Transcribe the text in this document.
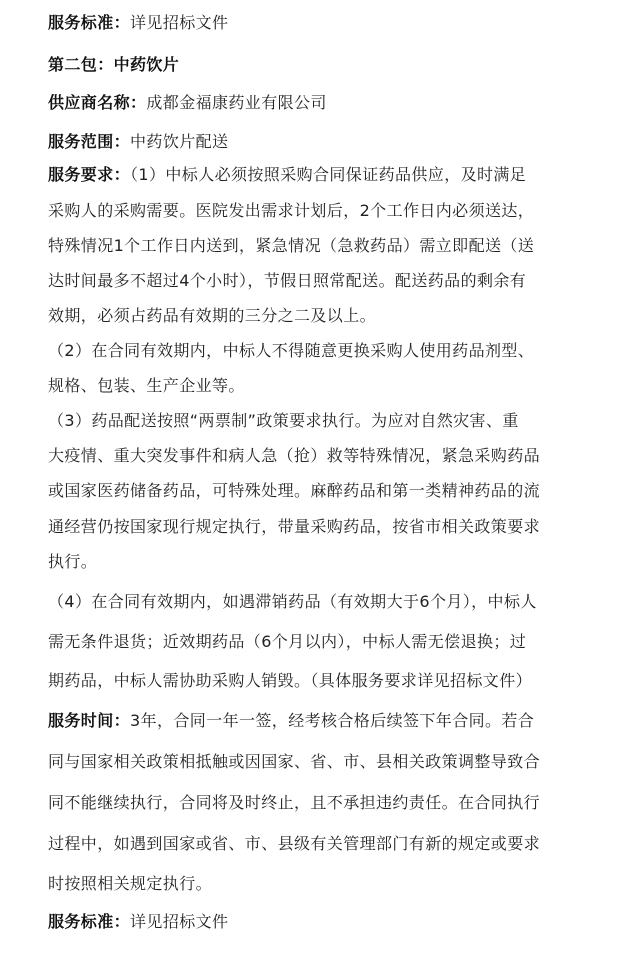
服务标准：详见招标文件
第二包：中药饮片
供应商名称：成都金福康药业有限公司
服务范围：中药饮片配送
服务要求：（1）中标人必须按照采购合同保证药品供应，及时满足
采购人的采购需要。医院发出需求计划后，2个工作日内必须送达，
特殊情况1个工作日内送到，紧急情况（急救药品）需立即配送（送
达时间最多不超过4个小时），节假日照常配送。配送药品的剩余有
效期，必须占药品有效期的三分之二及以上。
（2）在合同有效期内，中标人不得随意更换采购人使用药品剂型、
规格、包装、生产企业等。
（3）药品配送按照“两票制”政策要求执行。为应对自然灾害、重
大疫情、重大突发事件和病人急（抢）救等特殊情况，紧急采购药品
或国家医药储备药品，可特殊处理。麻醉药品和第一类精神药品的流
通经营仍按国家现行规定执行，带量采购药品，按省市相关政策要求
执行。
（4）在合同有效期内，如遇滞销药品（有效期大于6个月），中标人
需无条件退货；近效期药品（6个月以内），中标人需无偿退换；过
期药品，中标人需协助采购人销毁。（具体服务要求详见招标文件）
服务时间：3年，合同一年一签，经考核合格后续签下年合同。若合
同与国家相关政策相抵触或因国家、省、市、县相关政策调整导致合
同不能继续执行，合同将及时终止，且不承担违约责任。在合同执行
过程中，如遇到国家或省、市、县级有关管理部门有新的规定或要求
时按照相关规定执行。
服务标准：详见招标文件
